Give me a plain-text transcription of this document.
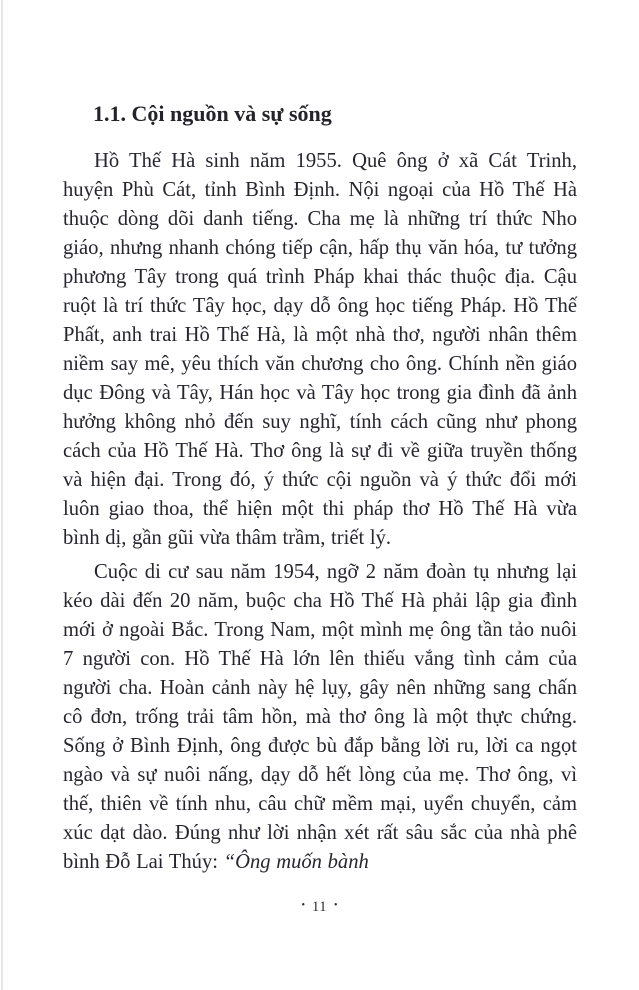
1.1. Cội nguồn và sự sống

Hồ Thế Hà sinh năm 1955. Quê ông ở xã Cát Trinh, huyện Phù Cát, tỉnh Bình Định. Nội ngoại của Hồ Thế Hà thuộc dòng dõi danh tiếng. Cha mẹ là những trí thức Nho giáo, nhưng nhanh chóng tiếp cận, hấp thụ văn hóa, tư tưởng phương Tây trong quá trình Pháp khai thác thuộc địa. Cậu ruột là trí thức Tây học, dạy dỗ ông học tiếng Pháp. Hồ Thế Phất, anh trai Hồ Thế Hà, là một nhà thơ, người nhân thêm niềm say mê, yêu thích văn chương cho ông. Chính nền giáo dục Đông và Tây, Hán học và Tây học trong gia đình đã ảnh hưởng không nhỏ đến suy nghĩ, tính cách cũng như phong cách của Hồ Thế Hà. Thơ ông là sự đi về giữa truyền thống và hiện đại. Trong đó, ý thức cội nguồn và ý thức đổi mới luôn giao thoa, thể hiện một thi pháp thơ Hồ Thế Hà vừa bình dị, gần gũi vừa thâm trầm, triết lý.

Cuộc di cư sau năm 1954, ngỡ 2 năm đoàn tụ nhưng lại kéo dài đến 20 năm, buộc cha Hồ Thế Hà phải lập gia đình mới ở ngoài Bắc. Trong Nam, một mình mẹ ông tần tảo nuôi 7 người con. Hồ Thế Hà lớn lên thiếu vắng tình cảm của người cha. Hoàn cảnh này hệ lụy, gây nên những sang chấn cô đơn, trống trải tâm hồn, mà thơ ông là một thực chứng. Sống ở Bình Định, ông được bù đắp bằng lời ru, lời ca ngọt ngào và sự nuôi nấng, dạy dỗ hết lòng của mẹ. Thơ ông, vì thế, thiên về tính nhu, câu chữ mềm mại, uyển chuyển, cảm xúc dạt dào. Đúng như lời nhận xét rất sâu sắc của nhà phê bình Đỗ Lai Thúy: “Ông muốn bành

• 11 •
